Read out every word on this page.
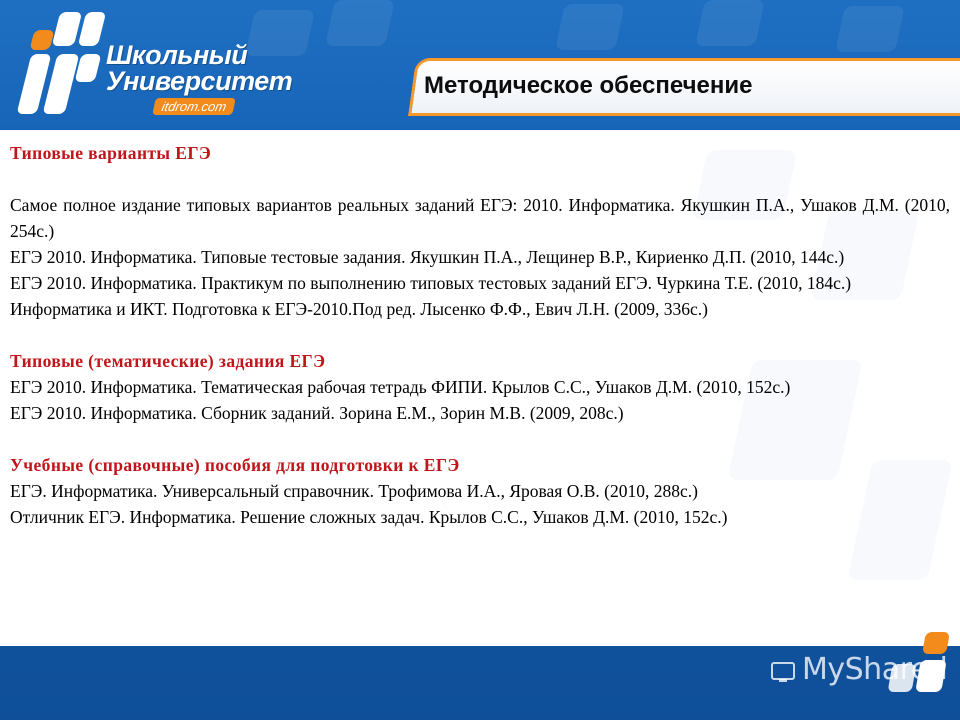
Школьный
Университет
itdrom.com
Методическое обеспечение

Типовые варианты ЕГЭ

Самое полное издание типовых вариантов реальных заданий ЕГЭ: 2010. Информатика. Якушкин П.А., Ушаков Д.М. (2010, 254с.)

ЕГЭ 2010. Информатика. Типовые тестовые задания. Якушкин П.А., Лещинер В.Р., Кириенко Д.П. (2010, 144с.)

ЕГЭ 2010. Информатика. Практикум по выполнению типовых тестовых заданий ЕГЭ. Чуркина Т.Е. (2010, 184с.)

Информатика и ИКТ. Подготовка к ЕГЭ-2010.Под ред. Лысенко Ф.Ф., Евич Л.Н. (2009, 336с.)

Типовые (тематические) задания ЕГЭ

ЕГЭ 2010. Информатика. Тематическая рабочая тетрадь ФИПИ. Крылов С.С., Ушаков Д.М. (2010, 152с.)

ЕГЭ 2010. Информатика. Сборник заданий. Зорина Е.М., Зорин М.В. (2009, 208с.)

Учебные (справочные) пособия для подготовки к ЕГЭ

ЕГЭ. Информатика. Универсальный справочник. Трофимова И.А., Яровая О.В. (2010, 288с.)

Отличник ЕГЭ. Информатика. Решение сложных задач. Крылов С.С., Ушаков Д.М. (2010, 152с.)

MyShared
